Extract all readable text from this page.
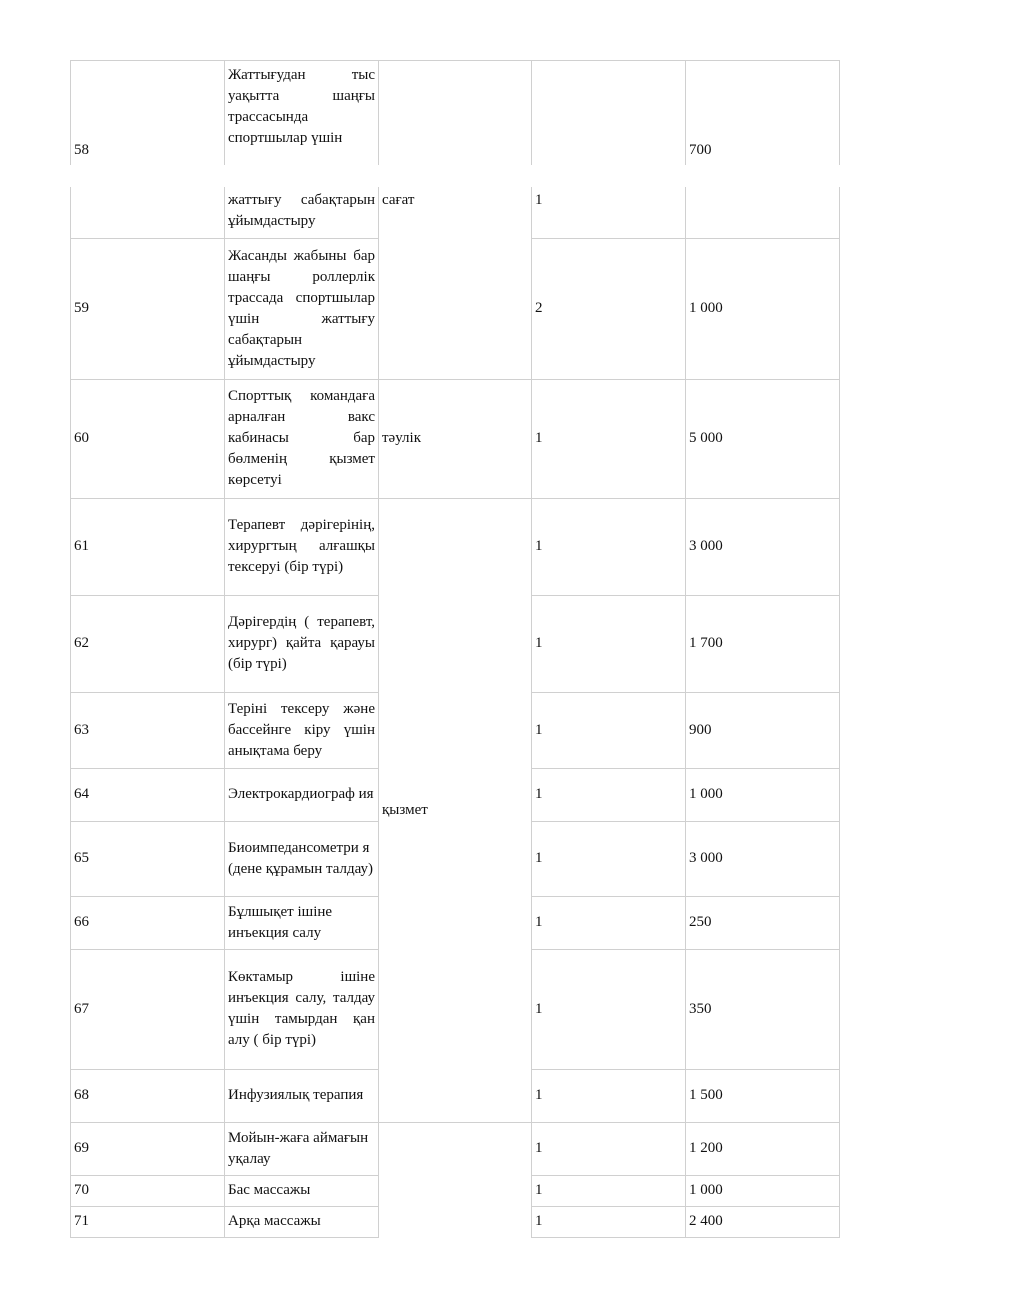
58	Жаттығудан тыс уақытта шаңғы трассасында спортшылар үшін			700
	жаттығу сабақтарын ұйымдастыру	сағат	1	
59	Жасанды жабыны бар шаңғы роллерлік трассада спортшылар үшін жаттығу сабақтарын ұйымдастыру		2	1 000
60	Спорттық командаға арналған вакс кабинасы бар бөлменің қызмет көрсетуі	тәулік	1	5 000
61	Терапевт дәрігерінің, хирургтың алғашқы тексеруі (бір түрі)	қызмет	1	3 000
62	Дәрігердің ( терапевт, хирург) қайта қарауы (бір түрі)		1	1 700
63	Теріні тексеру және бассейнге кіру үшін анықтама беру		1	900
64	Электрокардиограф ия		1	1 000
65	Биоимпедансометри я (дене құрамын талдау)		1	3 000
66	Бұлшықет ішіне инъекция салу		1	250
67	Көктамыр ішіне инъекция салу, талдау үшін тамырдан қан алу ( бір түрі)		1	350
68	Инфузиялық терапия		1	1 500
69	Мойын-жаға аймағын уқалау		1	1 200
70	Бас массажы		1	1 000
71	Арқа массажы		1	2 400
